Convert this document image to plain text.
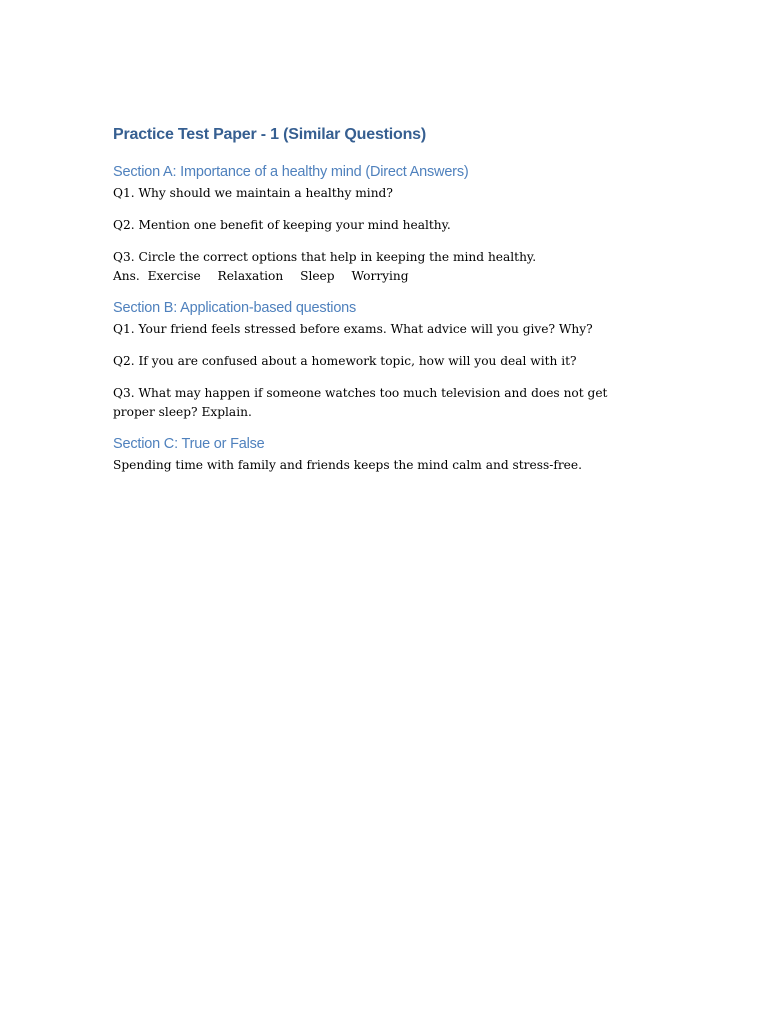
Practice Test Paper - 1 (Similar Questions)
Section A: Importance of a healthy mind (Direct Answers)
Q1. Why should we maintain a healthy mind?
Q2. Mention one benefit of keeping your mind healthy.
Q3. Circle the correct options that help in keeping the mind healthy.
Ans. Exercise Relaxation Sleep Worrying
Section B: Application-based questions
Q1. Your friend feels stressed before exams. What advice will you give? Why?
Q2. If you are confused about a homework topic, how will you deal with it?
Q3. What may happen if someone watches too much television and does not get proper sleep? Explain.
Section C: True or False
Spending time with family and friends keeps the mind calm and stress-free.
